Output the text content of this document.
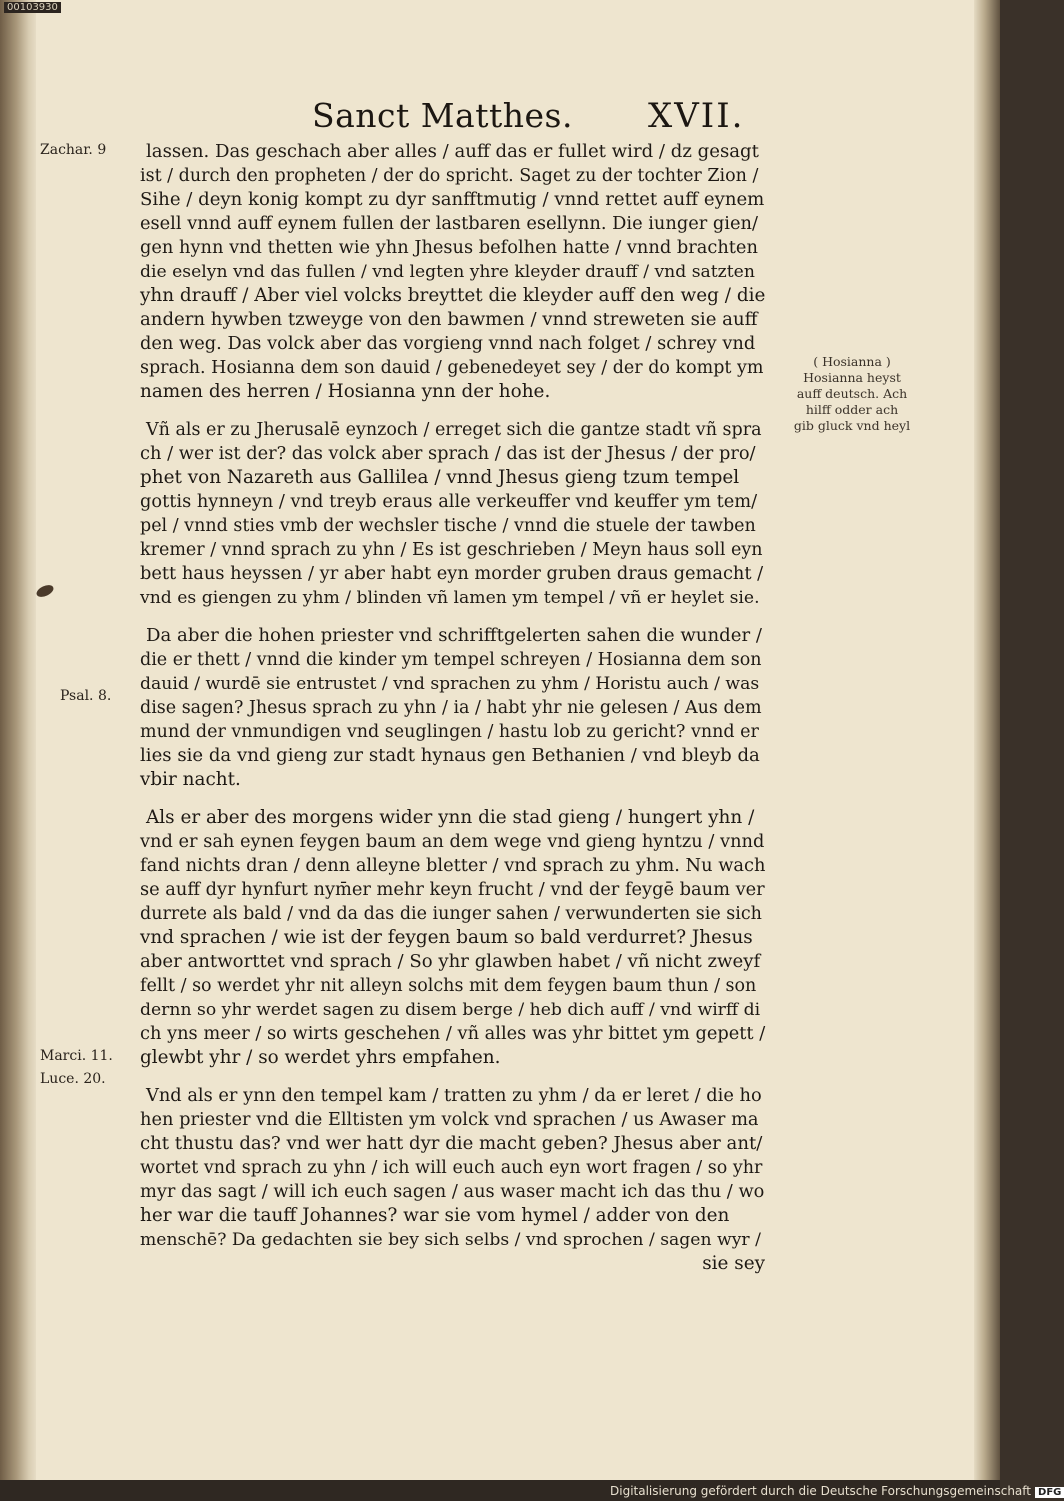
00103930
Sanct Matthes. XVII.
Zachar. 9
Psal. 8.
Marci. 11.
Luce. 20.
( Hosianna )
Hosianna heyst
auff deutsch. Ach
hilff odder ach
gib gluck vnd heyl
lassen. Das geschach aber alles / auff das er fullet wird / dz gesagt
ist / durch den propheten / der do spricht. Saget zu der tochter Zion /
Sihe / deyn konig kompt zu dyr sanfftmutig / vnnd rettet auff eynem
esell vnnd auff eynem fullen der lastbaren esellynn. Die iunger gien/
gen hynn vnd thetten wie yhn Jhesus befolhen hatte / vnnd brachten
die eselyn vnd das fullen / vnd legten yhre kleyder drauff / vnd satzten
yhn drauff / Aber viel volcks breyttet die kleyder auff den weg / die
andern hywben tzweyge von den bawmen / vnnd streweten sie auff
den weg. Das volck aber das vorgieng vnnd nach folget / schrey vnd
sprach. Hosianna dem son dauid / gebenedeyet sey / der do kompt ym
namen des herren / Hosianna ynn der hohe.
Vñ als er zu Jherusalē eynzoch / erreget sich die gantze stadt vñ spra
ch / wer ist der? das volck aber sprach / das ist der Jhesus / der pro/
phet von Nazareth aus Gallilea / vnnd Jhesus gieng tzum tempel
gottis hynneyn / vnd treyb eraus alle verkeuffer vnd keuffer ym tem/
pel / vnnd sties vmb der wechsler tische / vnnd die stuele der tawben
kremer / vnnd sprach zu yhn / Es ist geschrieben / Meyn haus soll eyn
bett haus heyssen / yr aber habt eyn morder gruben draus gemacht /
vnd es giengen zu yhm / blinden vñ lamen ym tempel / vñ er heylet sie.
Da aber die hohen priester vnd schrifftgelerten sahen die wunder /
die er thett / vnnd die kinder ym tempel schreyen / Hosianna dem son
dauid / wurdē sie entrustet / vnd sprachen zu yhm / Horistu auch / was
dise sagen? Jhesus sprach zu yhn / ia / habt yhr nie gelesen / Aus dem
mund der vnmundigen vnd seuglingen / hastu lob zu gericht? vnnd er
lies sie da vnd gieng zur stadt hynaus gen Bethanien / vnd bleyb da
vbir nacht.
Als er aber des morgens wider ynn die stad gieng / hungert yhn /
vnd er sah eynen feygen baum an dem wege vnd gieng hyntzu / vnnd
fand nichts dran / denn alleyne bletter / vnd sprach zu yhm. Nu wach
se auff dyr hynfurt nym̄er mehr keyn frucht / vnd der feygē baum ver
durrete als bald / vnd da das die iunger sahen / verwunderten sie sich
vnd sprachen / wie ist der feygen baum so bald verdurret? Jhesus
aber antworttet vnd sprach / So yhr glawben habet / vñ nicht zweyf
fellt / so werdet yhr nit alleyn solchs mit dem feygen baum thun / son
dernn so yhr werdet sagen zu disem berge / heb dich auff / vnd wirff di
ch yns meer / so wirts geschehen / vñ alles was yhr bittet ym gepett /
glewbt yhr / so werdet yhrs empfahen.
Vnd als er ynn den tempel kam / tratten zu yhm / da er leret / die ho
hen priester vnd die Elltisten ym volck vnd sprachen / us Awaser ma
cht thustu das? vnd wer hatt dyr die macht geben? Jhesus aber ant/
wortet vnd sprach zu yhn / ich will euch auch eyn wort fragen / so yhr
myr das sagt / will ich euch sagen / aus waser macht ich das thu / wo
her war die tauff Johannes? war sie vom hymel / adder von den
menschē? Da gedachten sie bey sich selbs / vnd sprochen / sagen wyr /
sie sey
Digitalisierung gefördert durch die Deutsche Forschungsgemeinschaft DFG
